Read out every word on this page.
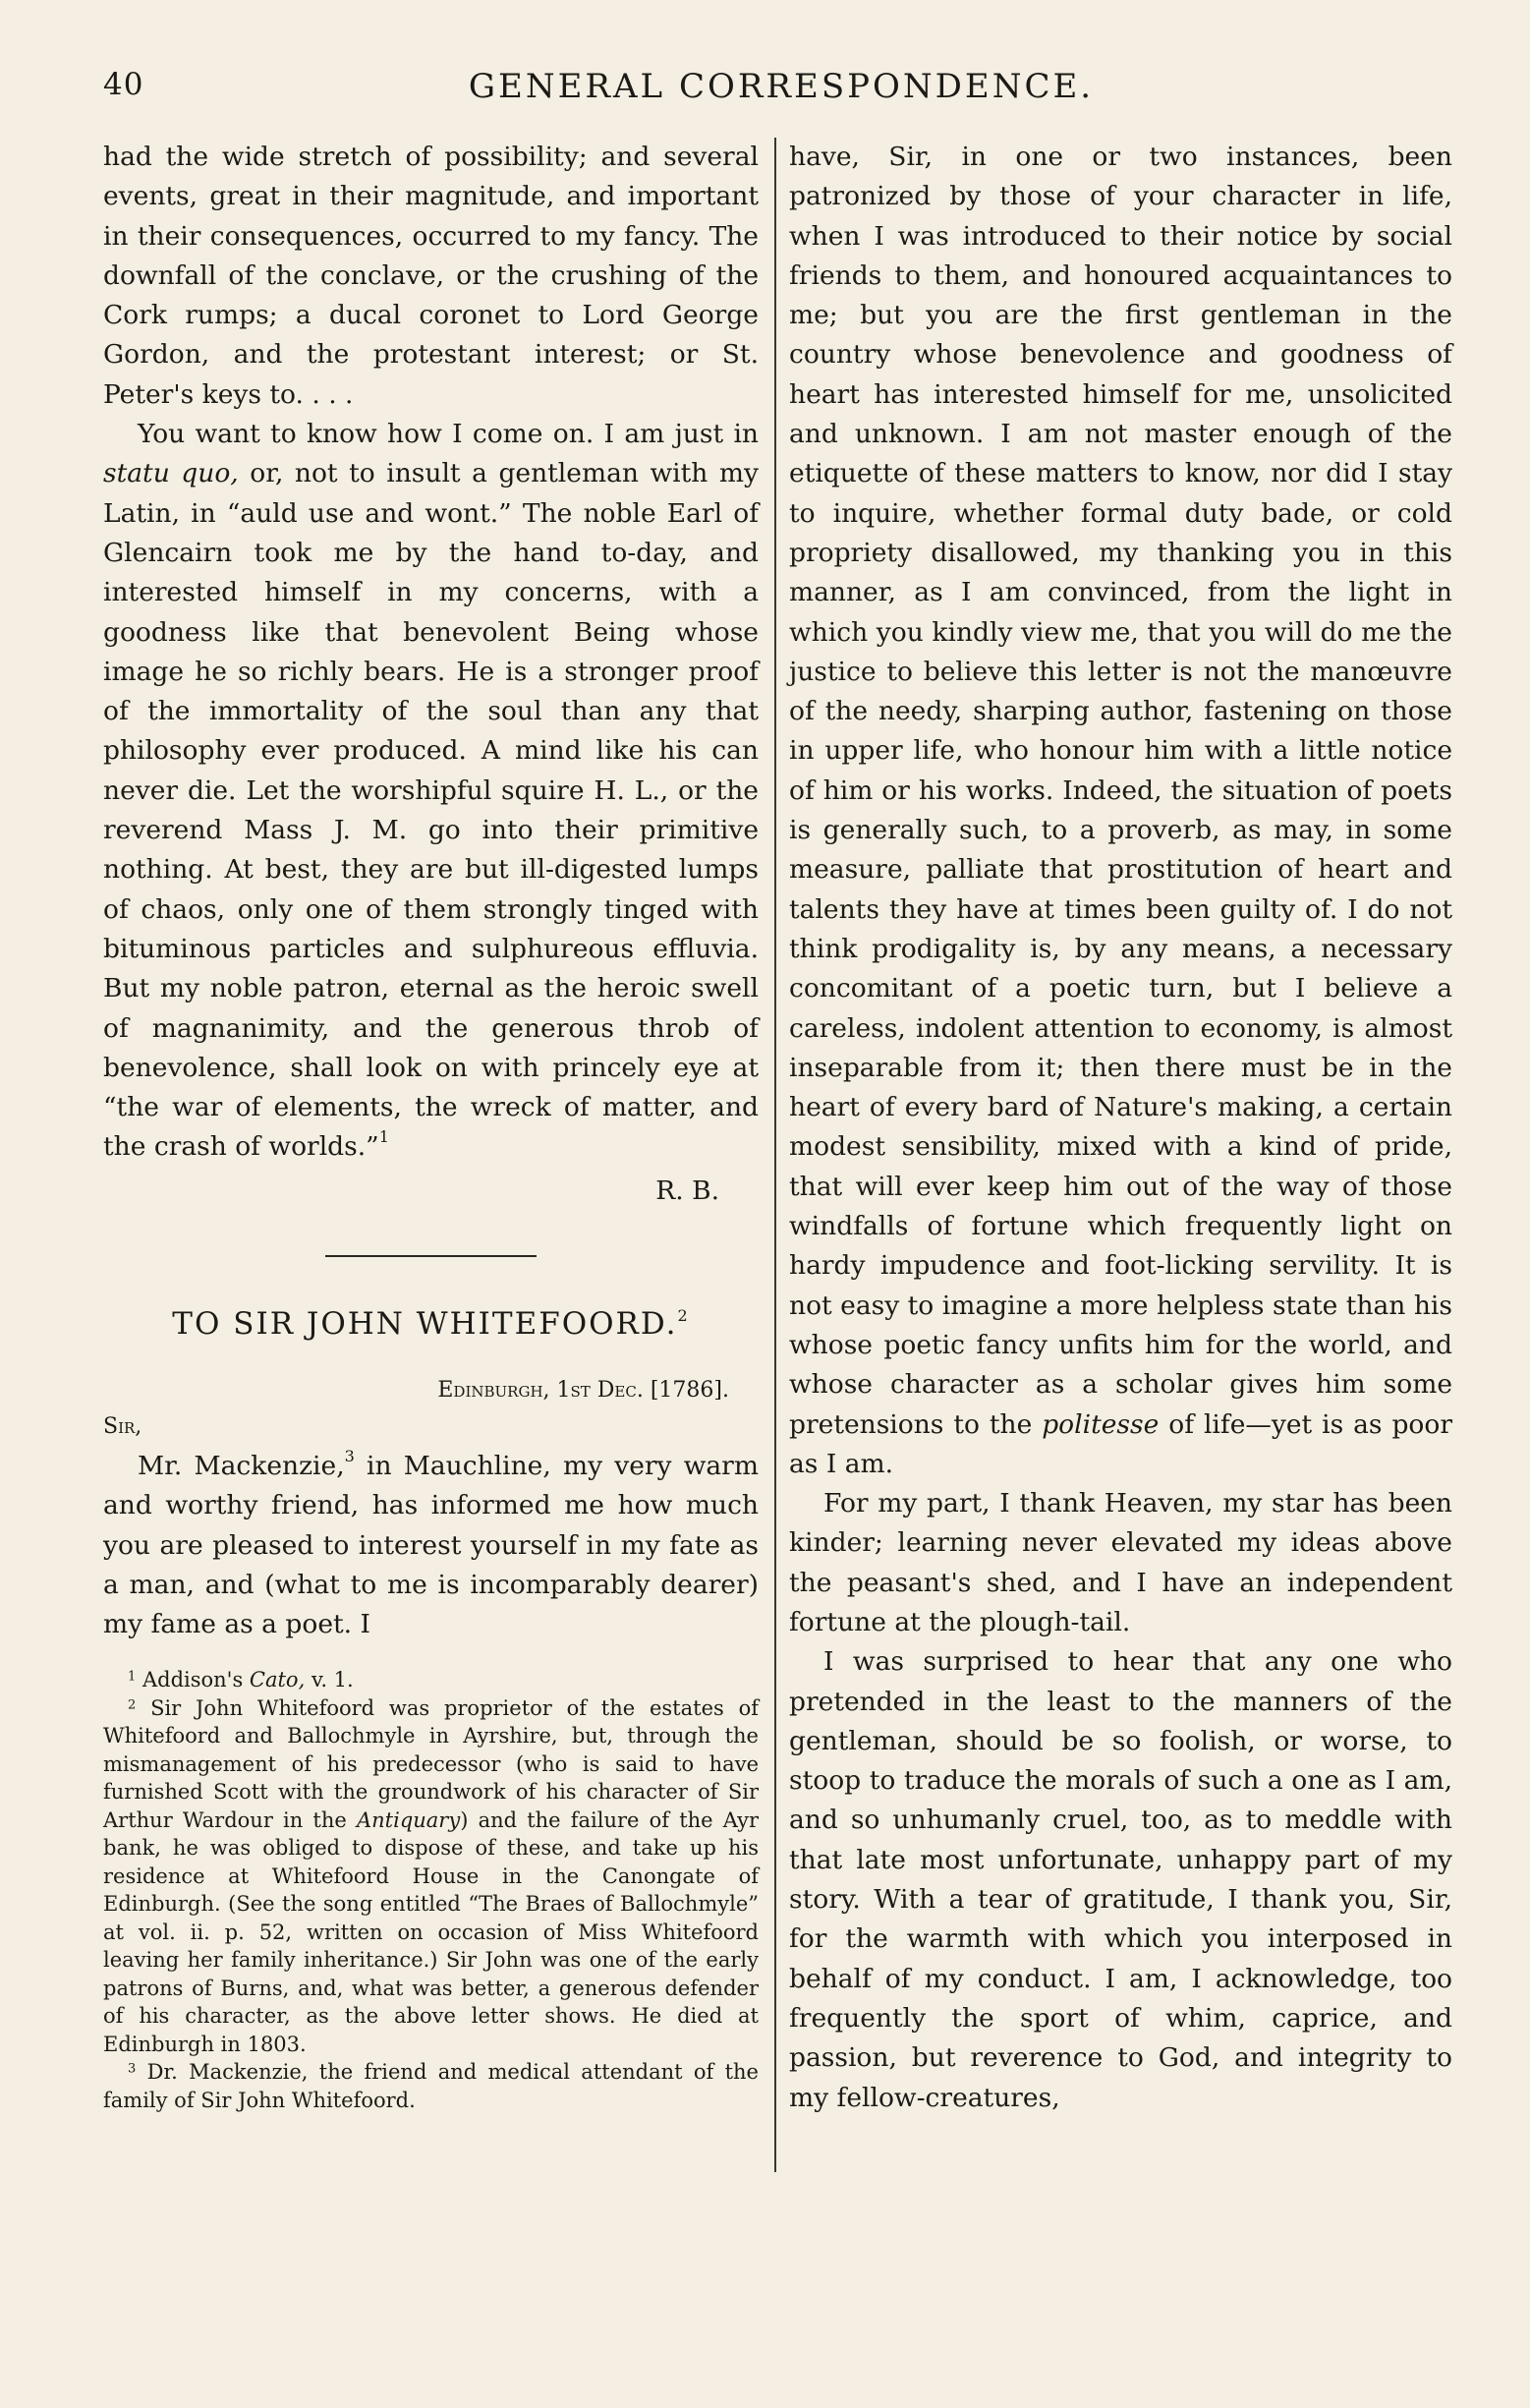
40	GENERAL CORRESPONDENCE.

had the wide stretch of possibility; and several events, great in their magnitude, and important in their consequences, occurred to my fancy. The downfall of the conclave, or the crushing of the Cork rumps; a ducal coronet to Lord George Gordon, and the protestant interest; or St. Peter's keys to. . . .

You want to know how I come on. I am just in statu quo, or, not to insult a gentleman with my Latin, in “auld use and wont.” The noble Earl of Glencairn took me by the hand to-day, and interested himself in my concerns, with a goodness like that benevolent Being whose image he so richly bears. He is a stronger proof of the immortality of the soul than any that philosophy ever produced. A mind like his can never die. Let the worshipful squire H. L., or the reverend Mass J. M. go into their primitive nothing. At best, they are but ill-digested lumps of chaos, only one of them strongly tinged with bituminous particles and sulphureous effluvia. But my noble patron, eternal as the heroic swell of magnanimity, and the generous throb of benevolence, shall look on with princely eye at “the war of elements, the wreck of matter, and the crash of worlds.”$^1$

R. B.

TO SIR JOHN WHITEFOORD.$^2$

Edinburgh, 1st Dec. [1786].

Sir,

Mr. Mackenzie,$^3$ in Mauchline, my very warm and worthy friend, has informed me how much you are pleased to interest yourself in my fate as a man, and (what to me is incomparably dearer) my fame as a poet. I

$^1$ Addison's Cato, v. 1.

$^2$ Sir John Whitefoord was proprietor of the estates of Whitefoord and Ballochmyle in Ayrshire, but, through the mismanagement of his predecessor (who is said to have furnished Scott with the groundwork of his character of Sir Arthur Wardour in the Antiquary) and the failure of the Ayr bank, he was obliged to dispose of these, and take up his residence at Whitefoord House in the Canongate of Edinburgh. (See the song entitled “The Braes of Ballochmyle” at vol. ii. p. 52, written on occasion of Miss Whitefoord leaving her family inheritance.) Sir John was one of the early patrons of Burns, and, what was better, a generous defender of his character, as the above letter shows. He died at Edinburgh in 1803.

$^3$ Dr. Mackenzie, the friend and medical attendant of the family of Sir John Whitefoord.

have, Sir, in one or two instances, been patronized by those of your character in life, when I was introduced to their notice by social friends to them, and honoured acquaintances to me; but you are the first gentleman in the country whose benevolence and goodness of heart has interested himself for me, unsolicited and unknown. I am not master enough of the etiquette of these matters to know, nor did I stay to inquire, whether formal duty bade, or cold propriety disallowed, my thanking you in this manner, as I am convinced, from the light in which you kindly view me, that you will do me the justice to believe this letter is not the manœuvre of the needy, sharping author, fastening on those in upper life, who honour him with a little notice of him or his works. Indeed, the situation of poets is generally such, to a proverb, as may, in some measure, palliate that prostitution of heart and talents they have at times been guilty of. I do not think prodigality is, by any means, a necessary concomitant of a poetic turn, but I believe a careless, indolent attention to economy, is almost inseparable from it; then there must be in the heart of every bard of Nature's making, a certain modest sensibility, mixed with a kind of pride, that will ever keep him out of the way of those windfalls of fortune which frequently light on hardy impudence and foot-licking servility. It is not easy to imagine a more helpless state than his whose poetic fancy unfits him for the world, and whose character as a scholar gives him some pretensions to the politesse of life—yet is as poor as I am.

For my part, I thank Heaven, my star has been kinder; learning never elevated my ideas above the peasant's shed, and I have an independent fortune at the plough-tail.

I was surprised to hear that any one who pretended in the least to the manners of the gentleman, should be so foolish, or worse, to stoop to traduce the morals of such a one as I am, and so unhumanly cruel, too, as to meddle with that late most unfortunate, unhappy part of my story. With a tear of gratitude, I thank you, Sir, for the warmth with which you interposed in behalf of my conduct. I am, I acknowledge, too frequently the sport of whim, caprice, and passion, but reverence to God, and integrity to my fellow-creatures,
